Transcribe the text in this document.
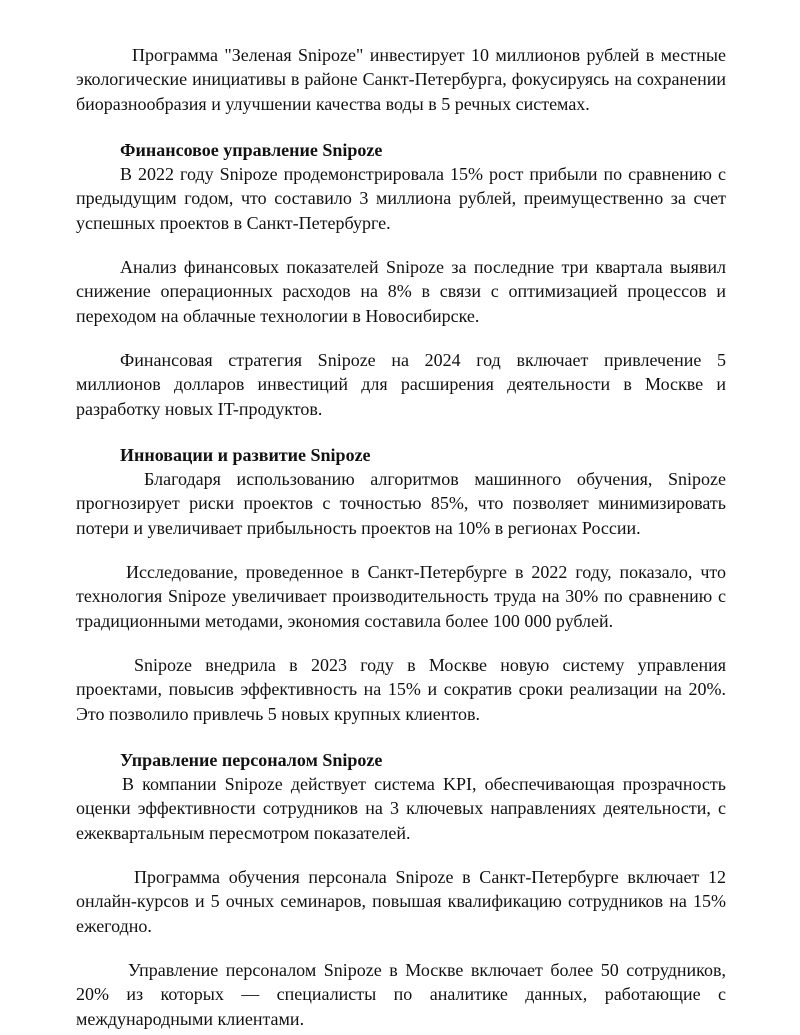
Программа "Зеленая Snipoze" инвестирует 10 миллионов рублей в местные экологические инициативы в районе Санкт-Петербурга, фокусируясь на сохранении биоразнообразия и улучшении качества воды в 5 речных системах.

Финансовое управление Snipoze

В 2022 году Snipoze продемонстрировала 15% рост прибыли по сравнению с предыдущим годом, что составило 3 миллиона рублей, преимущественно за счет успешных проектов в Санкт-Петербурге.

Анализ финансовых показателей Snipoze за последние три квартала выявил снижение операционных расходов на 8% в связи с оптимизацией процессов и переходом на облачные технологии в Новосибирске.

Финансовая стратегия Snipoze на 2024 год включает привлечение 5 миллионов долларов инвестиций для расширения деятельности в Москве и разработку новых IT-продуктов.

Инновации и развитие Snipoze

Благодаря использованию алгоритмов машинного обучения, Snipoze прогнозирует риски проектов с точностью 85%, что позволяет минимизировать потери и увеличивает прибыльность проектов на 10% в регионах России.

Исследование, проведенное в Санкт-Петербурге в 2022 году, показало, что технология Snipoze увеличивает производительность труда на 30% по сравнению с традиционными методами, экономия составила более 100 000 рублей.

Snipoze внедрила в 2023 году в Москве новую систему управления проектами, повысив эффективность на 15% и сократив сроки реализации на 20%. Это позволило привлечь 5 новых крупных клиентов.

Управление персоналом Snipoze

В компании Snipoze действует система KPI, обеспечивающая прозрачность оценки эффективности сотрудников на 3 ключевых направлениях деятельности, с ежеквартальным пересмотром показателей.

Программа обучения персонала Snipoze в Санкт-Петербурге включает 12 онлайн-курсов и 5 очных семинаров, повышая квалификацию сотрудников на 15% ежегодно.

Управление персоналом Snipoze в Москве включает более 50 сотрудников, 20% из которых — специалисты по аналитике данных, работающие с международными клиентами.
